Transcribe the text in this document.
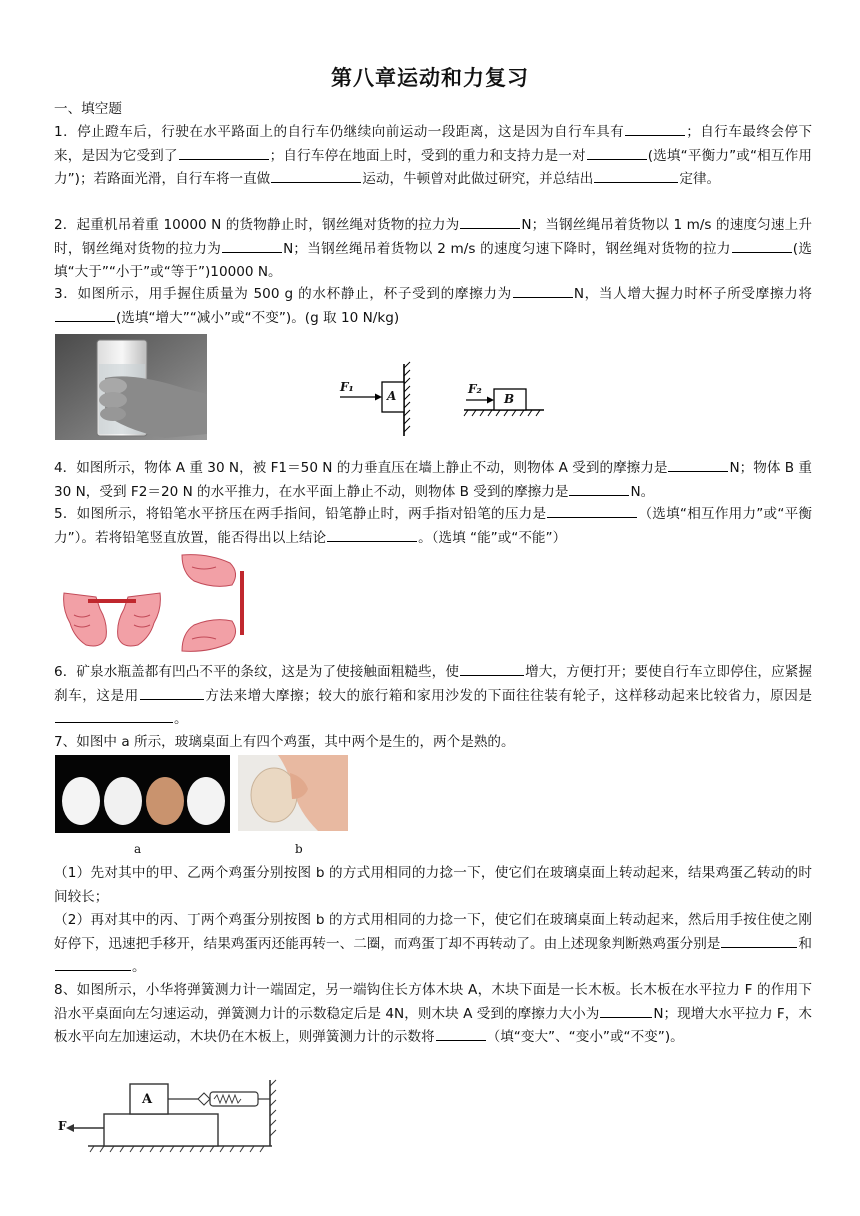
第八章运动和力复习
一、填空题
1．停止蹬车后，行驶在水平路面上的自行车仍继续向前运动一段距离，这是因为自行车具有	；自行车最终会停下来，是因为它受到了	；自行车停在地面上时，受到的重力和支持力是一对	(选填“平衡力”或“相互作用力”)；若路面光滑，自行车将一直做	运动，牛顿曾对此做过研究，并总结出	定律。
2．起重机吊着重 10000 N 的货物静止时，钢丝绳对货物的拉力为	N；当钢丝绳吊着货物以 1 m/s 的速度匀速上升时，钢丝绳对货物的拉力为	N；当钢丝绳吊着货物以 2 m/s 的速度匀速下降时，钢丝绳对货物的拉力	(选填“大于”“小于”或“等于”)10000 N。
3．如图所示，用手握住质量为 500 g 的水杯静止，杯子受到的摩擦力为	N，当人增大握力时杯子所受摩擦力将(选填“增大”“减小”或“不变”)。(g 取 10 N/kg)
F₁
A	F₂
B
4．如图所示，物体 A 重 30 N，被 F1＝50 N 的力垂直压在墙上静止不动，则物体 A 受到的摩擦力是	N；物体 B 重 30 N，受到 F2＝20 N 的水平推力，在水平面上静止不动，则物体 B 受到的摩擦力是	N。
5．如图所示，将铅笔水平挤压在两手指间，铅笔静止时，两手指对铅笔的压力是	（选填“相互作用力”或“平衡力”）。若将铅笔竖直放置，能否得出以上结论	。（选填 “能”或“不能”）
6．矿泉水瓶盖都有凹凸不平的条纹，这是为了使接触面粗糙些，使	增大，方便打开；要使自行车立即停住，应紧握刹车，这是用	方法来增大摩擦；较大的旅行箱和家用沙发的下面往往装有轮子，这样移动起来比较省力，原因是。
7、如图中 a 所示，玻璃桌面上有四个鸡蛋，其中两个是生的，两个是熟的。
a	b
（1）先对其中的甲、乙两个鸡蛋分别按图 b 的方式用相同的力捻一下，使它们在玻璃桌面上转动起来，结果鸡蛋乙转动的时间较长；
（2）再对其中的丙、丁两个鸡蛋分别按图 b 的方式用相同的力捻一下，使它们在玻璃桌面上转动起来，然后用手按住使之刚好停下，迅速把手移开，结果鸡蛋丙还能再转一、二圈，而鸡蛋丁却不再转动了。由上述现象判断熟鸡蛋分别是	和。
8、如图所示，小华将弹簧测力计一端固定，另一端钩住长方体木块 A，木块下面是一长木板。长木板在水平拉力 F 的作用下沿水平桌面向左匀速运动，弹簧测力计的示数稳定后是 4N，则木块 A 受到的摩擦力大小为	N；现增大水平拉力 F，木板水平向左加速运动，木块仍在木板上，则弹簧测力计的示数将	（填“变大”、“变小”或“不变”)。
A
F
